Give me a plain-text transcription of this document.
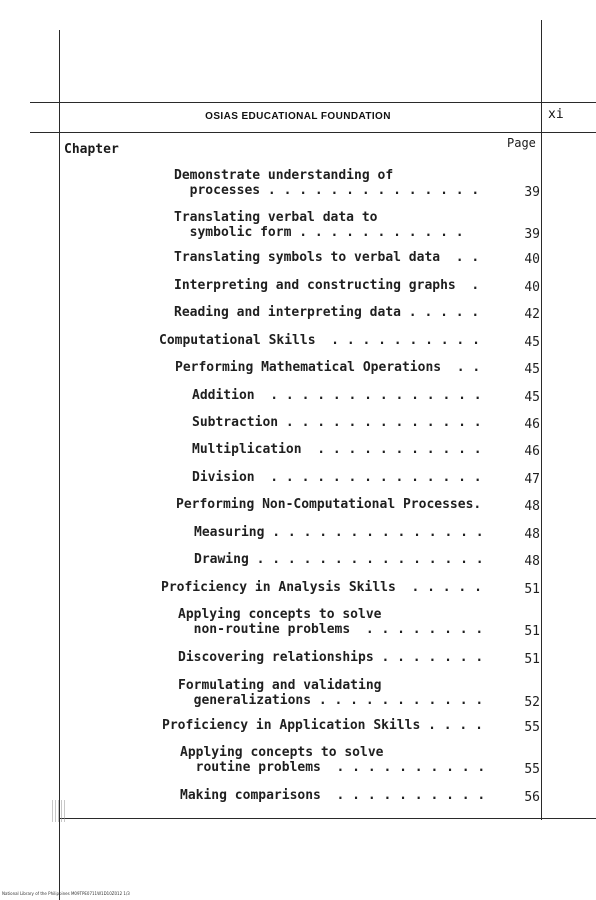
OSIAS EDUCATIONAL FOUNDATION	xi
Chapter	Page
Demonstrate understanding of
processes . . . . . . . . . . . . . .	39
Translating verbal data to
symbolic form . . . . . . . . . . .	39
Translating symbols to verbal data  . .	40
Interpreting and constructing graphs  .	40
Reading and interpreting data . . . . .	42
Computational Skills  . . . . . . . . . .	45
Performing Mathematical Operations  . .	45
Addition  . . . . . . . . . . . . . .	45
Subtraction . . . . . . . . . . . . .	46
Multiplication  . . . . . . . . . . .	46
Division  . . . . . . . . . . . . . .	47
Performing Non-Computational Processes.	48
Measuring . . . . . . . . . . . . . .	48
Drawing . . . . . . . . . . . . . . .	48
Proficiency in Analysis Skills  . . . . .	51
Applying concepts to solve
non-routine problems  . . . . . . . .	51
Discovering relationships . . . . . . .	51
Formulating and validating
generalizations . . . . . . . . . . .	52
Proficiency in Application Skills . . . .	55
Applying concepts to solve
routine problems  . . . . . . . . . .	55
Making comparisons  . . . . . . . . . .	56
National Library of the Philippines M09TPE0711W1D10Z012 1/3
